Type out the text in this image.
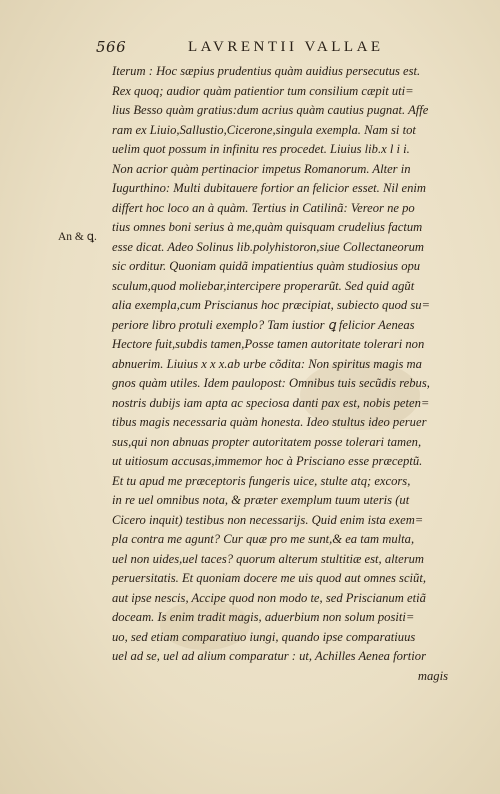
566	LAVRENTII VALLAE
An & ꝗ.
Iterum : Hoc sæpius prudentius quàm auidius persecutus est.
Rex quoq; audior quàm patientior tum consilium cæpit uti=
lius Besso quàm gratius:dum acrius quàm cautius pugnat. Affe
ram ex Liuio,Sallustio,Cicerone,singula exempla. Nam si tot
uelim quot possum in infinitu res procedet. Liuius lib.x l i i.
Non acrior quàm pertinacior impetus Romanorum. Alter in
Iugurthino: Multi dubitauere fortior an felicior esset. Nil enim
differt hoc loco an à quàm. Tertius in Catilinã: Vereor ne po
tius omnes boni serius à me,quàm quisquam crudelius factum
esse dicat. Adeo Solinus lib.polyhistoron,siue Collectaneorum
sic orditur. Quoniam quidã impatientius quàm studiosius opu
sculum,quod moliebar,intercipere properarũt. Sed quid agũt
alia exempla,cum Priscianus hoc præcipiat, subiecto quod su=
periore libro protuli exemplo? Tam iustior ꝗ felicior Aeneas
Hectore fuit,subdis tamen,Posse tamen autoritate tolerari non
abnuerim. Liuius x x x.ab urbe cõdita: Non spiritus magis ma
gnos quàm utiles. Idem paulopost: Omnibus tuis secũdis rebus,
nostris dubijs iam apta ac speciosa danti pax est, nobis peten=
tibus magis necessaria quàm honesta. Ideo stultus ideo peruer
sus,qui non abnuas propter autoritatem posse tolerari tamen,
ut uitiosum accusas,immemor hoc à Prisciano esse præceptũ.
Et tu apud me præceptoris fungeris uice, stulte atq; excors,
in re uel omnibus nota, & præter exemplum tuum uteris (ut
Cicero inquit) testibus non necessarijs. Quid enim ista exem=
pla contra me agunt? Cur quæ pro me sunt,& ea tam multa,
uel non uides,uel taces? quorum alterum stultitiæ est, alterum
peruersitatis. Et quoniam docere me uis quod aut omnes sciũt,
aut ipse nescis, Accipe quod non modo te, sed Priscianum etiã
doceam. Is enim tradit magis, aduerbium non solum positi=
uo, sed etiam comparatiuo iungi, quando ipse comparatiuus
uel ad se, uel ad alium comparatur : ut, Achilles Aenea fortior
magis
